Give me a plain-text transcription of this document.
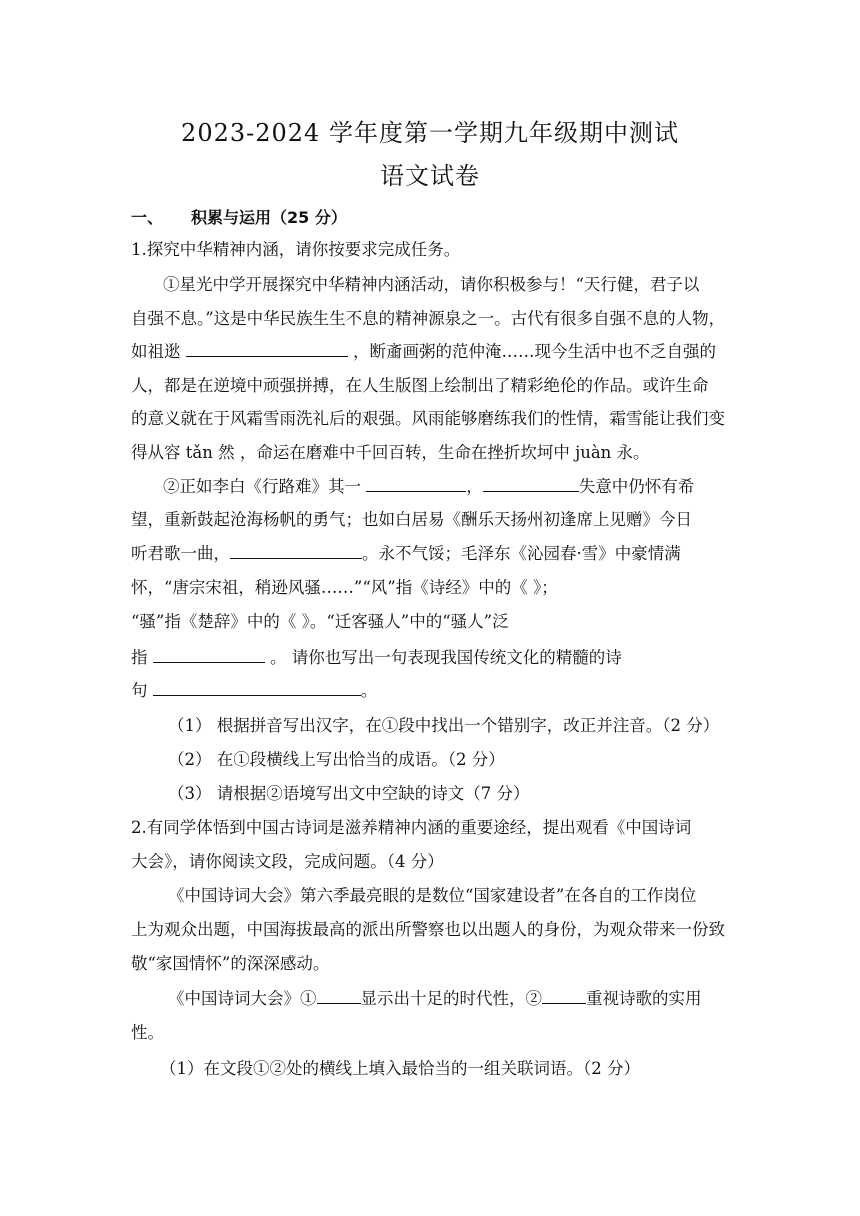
2023-2024 学年度第一学期九年级期中测试
语文试卷
一、 积累与运用（25 分）
1.探究中华精神内涵，请你按要求完成任务。
①星光中学开展探究中华精神内涵活动，请你积极参与！“天行健，君子以
自强不息。”这是中华民族生生不息的精神源泉之一。古代有很多自强不息的人物，
如祖逖	，断齑画粥的范仲淹……现今生活中也不乏自强的
人，都是在逆境中顽强拼搏，在人生版图上绘制出了精彩绝伦的作品。或许生命
的意义就在于风霜雪雨洗礼后的艰强。风雨能够磨练我们的性情，霜雪能让我们变
得从容 tǎn 然 ，命运在磨难中千回百转，生命在挫折坎坷中 juàn 永。
②正如李白《行路难》其一	，	失意中仍怀有希
望，重新鼓起沧海杨帆的勇气；也如白居易《酬乐天扬州初逢席上见赠》今日
听君歌一曲，	。永不气馁；毛泽东《沁园春·雪》中豪情满
怀，“唐宗宋祖，稍逊风骚……”“风”指《诗经》中的《 》；
“骚”指《楚辞》中的《 》。“迁客骚人”中的“骚人”泛
指	。 请你也写出一句表现我国传统文化的精髓的诗
句	。
（1） 根据拼音写出汉字，在①段中找出一个错别字，改正并注音。（2 分）
（2） 在①段横线上写出恰当的成语。（2 分）
（3） 请根据②语境写出文中空缺的诗文（7 分）
2.有同学体悟到中国古诗词是滋养精神内涵的重要途经，提出观看《中国诗词
大会》，请你阅读文段，完成问题。（4 分）
《中国诗词大会》第六季最亮眼的是数位“国家建设者”在各自的工作岗位
上为观众出题，中国海拔最高的派出所警察也以出题人的身份，为观众带来一份致
敬“家国情怀”的深深感动。
《中国诗词大会》①	显示出十足的时代性，②	重视诗歌的实用
性。
（1）在文段①②处的横线上填入最恰当的一组关联词语。（2 分）
